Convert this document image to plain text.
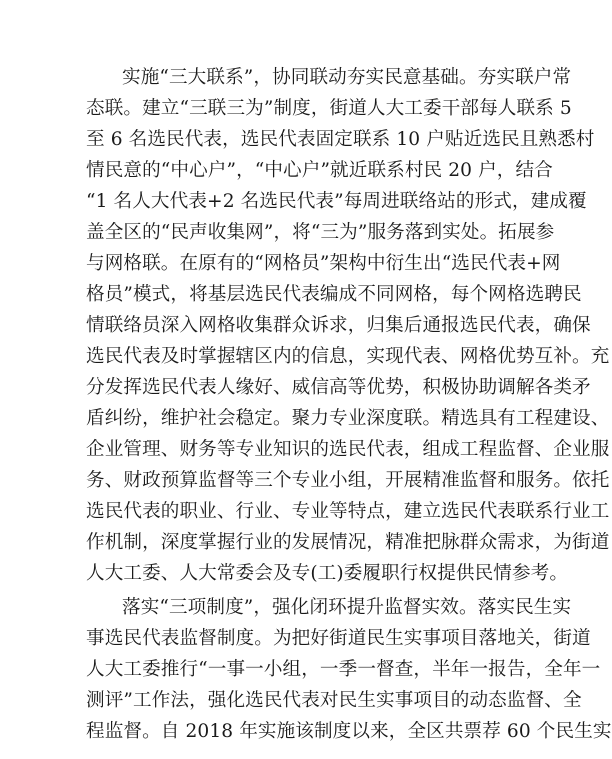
实施“三大联系”，协同联动夯实民意基础。夯实联户常
态联。建立“三联三为”制度，街道人大工委干部每人联系 5
至 6 名选民代表，选民代表固定联系 10 户贴近选民且熟悉村
情民意的“中心户”，“中心户”就近联系村民 20 户，结合
“1 名人大代表+2 名选民代表”每周进联络站的形式，建成覆
盖全区的“民声收集网”，将“三为”服务落到实处。拓展参
与网格联。在原有的“网格员”架构中衍生出“选民代表+网
格员”模式，将基层选民代表编成不同网格，每个网格选聘民
情联络员深入网格收集群众诉求，归集后通报选民代表，确保
选民代表及时掌握辖区内的信息，实现代表、网格优势互补。充
分发挥选民代表人缘好、威信高等优势，积极协助调解各类矛
盾纠纷，维护社会稳定。聚力专业深度联。精选具有工程建设、
企业管理、财务等专业知识的选民代表，组成工程监督、企业服
务、财政预算监督等三个专业小组，开展精准监督和服务。依托
选民代表的职业、行业、专业等特点，建立选民代表联系行业工
作机制，深度掌握行业的发展情况，精准把脉群众需求，为街道
人大工委、人大常委会及专(工)委履职行权提供民情参考。
落实“三项制度”，强化闭环提升监督实效。落实民生实
事选民代表监督制度。为把好街道民生实事项目落地关，街道
人大工委推行“一事一小组，一季一督查，半年一报告，全年一
测评”工作法，强化选民代表对民生实事项目的动态监督、全
程监督。自 2018 年实施该制度以来，全区共票荐 60 个民生实
